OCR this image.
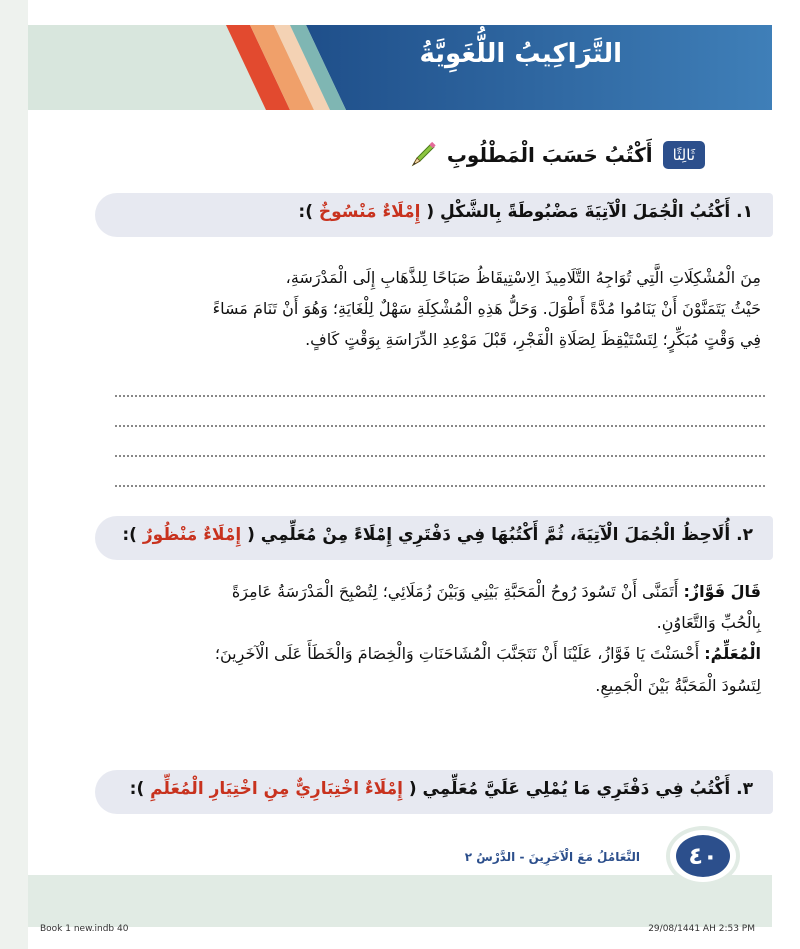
التَّرَاكِيبُ اللُّغَوِيَّةُ
ثَالِثًا
أَكْتُبُ حَسَبَ الْمَطْلُوبِ
١. أَكْتُبُ الْجُمَلَ الْآتِيَةَ مَضْبُوطَةً بِالشَّكْلِ ( إِمْلَاءٌ مَنْسُوخٌ ):
مِنَ الْمُشْكِلَاتِ الَّتِي تُوَاجِهُ التَّلَامِيذَ الِاسْتِيقَاظُ صَبَاحًا لِلذَّهَابِ إِلَى الْمَدْرَسَةِ،
حَيْثُ يَتَمَنَّوْنَ أَنْ يَنَامُوا مُدَّةً أَطْوَلَ. وَحَلُّ هَذِهِ الْمُشْكِلَةِ سَهْلٌ لِلْغَايَةِ؛ وَهُوَ أَنْ تَنَامَ مَسَاءً
فِي وَقْتٍ مُبَكِّرٍ؛ لِتَسْتَيْقِظَ لِصَلَاةِ الْفَجْرِ، قَبْلَ مَوْعِدِ الدِّرَاسَةِ بِوَقْتٍ كَافٍ.
٢. أُلَاحِظُ الْجُمَلَ الْآتِيَةَ، ثُمَّ أَكْتُبُهَا فِي دَفْتَرِي إِمْلَاءً مِنْ مُعَلِّمِي ( إِمْلَاءٌ مَنْظُورٌ ):
قَالَ فَوَّازٌ: أَتَمَنَّى أَنْ تَسُودَ رُوحُ الْمَحَبَّةِ بَيْنِي وَبَيْنَ زُمَلَائِي؛ لِتُصْبِحَ الْمَدْرَسَةُ عَامِرَةً
بِالْحُبِّ وَالتَّعَاوُنِ.
الْمُعَلِّمُ: أَحْسَنْتَ يَا فَوَّازُ، عَلَيْنَا أَنْ نَتَجَنَّبَ الْمُشَاحَنَاتِ وَالْخِصَامَ وَالْخَطَأَ عَلَى الْآخَرِينَ؛
لِتَسُودَ الْمَحَبَّةُ بَيْنَ الْجَمِيعِ.
٣. أَكْتُبُ فِي دَفْتَرِي مَا يُمْلِي عَلَيَّ مُعَلِّمِي ( إِمْلَاءٌ اخْتِبَارِيٌّ مِنِ اخْتِيَارِ الْمُعَلِّمِ ):
التَّعَامُلُ مَعَ الْآخَرِينَ - الدَّرْسُ ٢	٤٠
Book 1 new.indb 40	29/08/1441 AH 2:53 PM
